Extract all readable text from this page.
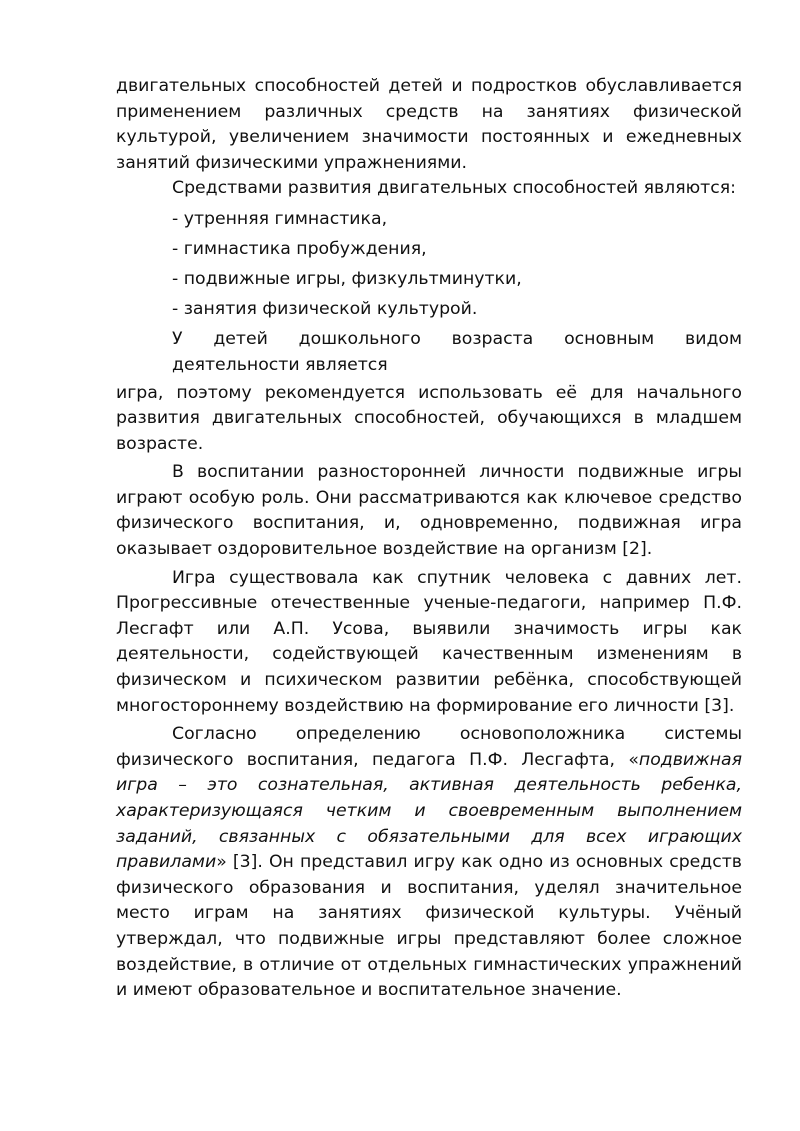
двигательных способностей детей и подростков обуславливается применением различных средств на занятиях физической культурой, увеличением значимости постоянных и ежедневных занятий физическими упражнениями.

Средствами развития двигательных способностей являются:

- утренняя гимнастика,
- гимнастика пробуждения,
- подвижные игры, физкультминутки,
- занятия физической культурой.

У детей дошкольного возраста основным видом
деятельности является

игра, поэтому рекомендуется использовать её для начального развития двигательных способностей, обучающихся в младшем возрасте.

В воспитании разносторонней личности подвижные игры играют особую роль. Они рассматриваются как ключевое средство физического воспитания, и, одновременно, подвижная игра оказывает оздоровительное воздействие на организм [2].

Игра существовала как спутник человека с давних лет. Прогрессивные отечественные ученые-педагоги, например П.Ф. Лесгафт или А.П. Усова, выявили значимость игры как деятельности, содействующей качественным изменениям в физическом и психическом развитии ребёнка, способствующей многостороннему воздействию на формирование его личности [3].

Согласно определению основоположника системы физического воспитания, педагога П.Ф. Лесгафта, «подвижная игра – это сознательная, активная деятельность ребенка, характеризующаяся четким и своевременным выполнением заданий, связанных с обязательными для всех играющих правилами» [3]. Он представил игру как одно из основных средств физического образования и воспитания, уделял значительное место играм на занятиях физической культуры. Учёный утверждал, что подвижные игры представляют более сложное воздействие, в отличие от отдельных гимнастических упражнений и имеют образовательное и воспитательное значение.
